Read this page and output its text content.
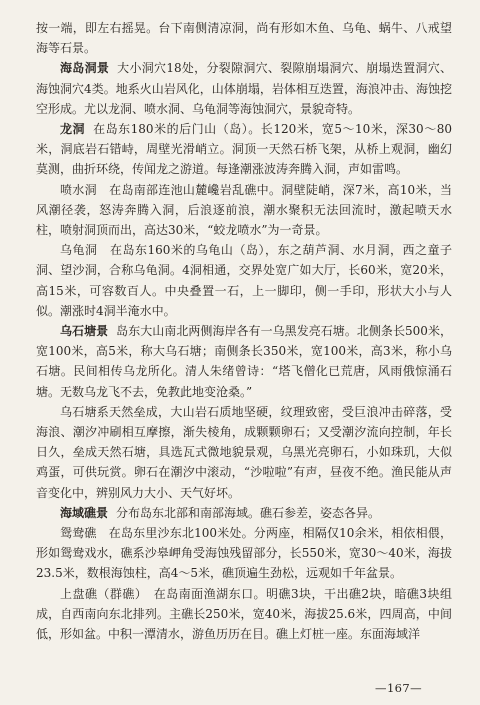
按一端，即左右摇晃。台下南侧清凉洞，尚有形如木鱼、乌龟、蜗牛、八戒望海等石景。

海岛洞景 大小洞穴18处，分裂隙洞穴、裂隙崩塌洞穴、崩塌迭置洞穴、海蚀洞穴4类。地系火山岩风化，山体崩塌，岩体相互迭置，海浪冲击、海蚀挖空形成。尤以龙洞、喷水洞、乌龟洞等海蚀洞穴，景貌奇特。

龙洞 在岛东180米的后门山（岛）。长120米，宽5～10米，深30～80米，洞底岩石错峙，周壁光滑峭立。洞顶一天然石桥飞架，从桥上观洞，幽幻莫测，曲折环绕，传闻龙之游道。每逢潮涨波涛奔腾入洞，声如雷鸣。

喷水洞　在岛南部连池山麓巉岩乱礁中。洞壁陡峭，深7米，高10米，当风潮径袭，怒涛奔腾入洞，后浪逐前浪，潮水聚积无法回流时，激起喷天水柱，喷射洞顶而出，高达30米，“蛟龙喷水”为一奇景。

乌龟洞　在岛东160米的乌龟山（岛），东之葫芦洞、水月洞，西之童子洞、望沙洞，合称乌龟洞。4洞相通，交界处宽广如大厅，长60米，宽20米，高15米，可容数百人。中央叠置一石，上一脚印，侧一手印，形状大小与人似。潮涨时4洞半淹水中。

乌石塘景 岛东大山南北两侧海岸各有一乌黑发亮石塘。北侧条长500米，宽100米，高5米，称大乌石塘；南侧条长350米，宽100米，高3米，称小乌石塘。民间相传乌龙所化。清人朱绪曾诗：“塔飞僧化已荒唐，风雨俄惊涌石塘。无数乌龙飞不去，免教此地变沧桑。”

乌石塘系天然垒成，大山岩石质地坚硬，纹理致密，受巨浪冲击碎落，受海浪、潮汐冲刷相互摩擦，渐失棱角，成颗颗卵石；又受潮汐流向控制，年长日久，垒成天然石塘，具选瓦式微地貌景观，乌黑光亮卵石，小如珠玑，大似鸡蛋，可供玩赏。卵石在潮汐中滚动，“沙啦啦”有声，昼夜不绝。渔民能从声音变化中，辨别风力大小、天气好坏。

海域礁景 分布岛东北部和南部海域。礁石参差，姿态各异。

鸳鸯礁　在岛东里沙东北100米处。分两座，相隔仅10余米，相依相偎，形如鸳鸯戏水，礁系沙皋岬角受海蚀残留部分，长550米，宽30～40米，海拔23.5米，数根海蚀柱，高4～5米，礁顶遍生劲松，远观如千年盆景。

上盘礁（群礁）　在岛南面渔湖东口。明礁3块，干出礁2块，暗礁3块组成，自西南向东北排列。主礁长250米，宽40米，海拔25.6米，四周高，中间低，形如盆。中积一潭清水，游鱼历历在目。礁上灯桩一座。东面海域洋

—167—
